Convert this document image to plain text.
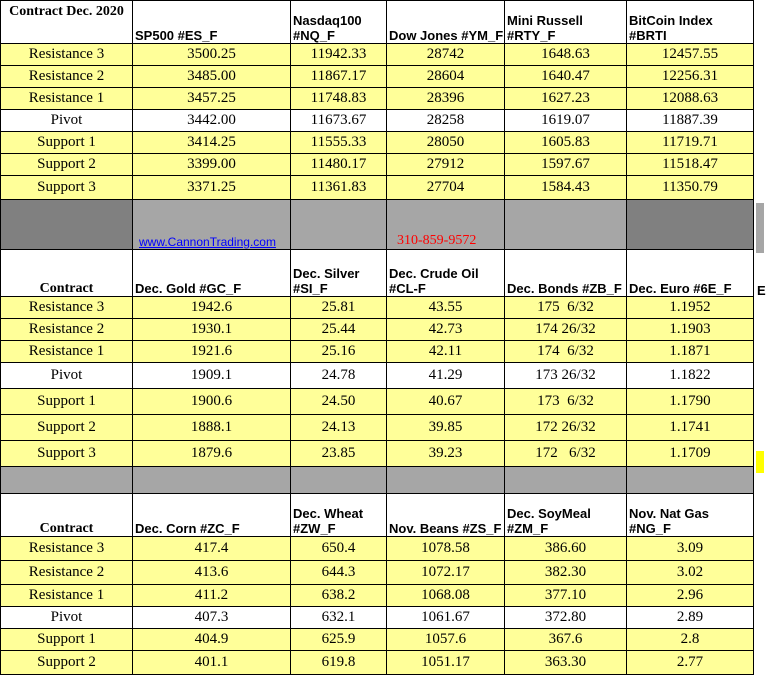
Contract Dec. 2020	SP500 #ES_F	Nasdaq100 #NQ_F	Dow Jones #YM_F	Mini Russell #RTY_F	BitCoin Index #BRTI
Resistance 3	3500.25	11942.33	28742	1648.63	12457.55
Resistance 2	3485.00	11867.17	28604	1640.47	12256.31
Resistance 1	3457.25	11748.83	28396	1627.23	12088.63
Pivot	3442.00	11673.67	28258	1619.07	11887.39
Support 1	3414.25	11555.33	28050	1605.83	11719.71
Support 2	3399.00	11480.17	27912	1597.67	11518.47
Support 3	3371.25	11361.83	27704	1584.43	11350.79
	www.CannonTrading.com		310-859-9572		
Contract	Dec. Gold #GC_F	Dec. Silver #SI_F	Dec. Crude Oil #CL-F	Dec. Bonds #ZB_F	Dec. Euro #6E_F
Resistance 3	1942.6	25.81	43.55	175  6/32	1.1952
Resistance 2	1930.1	25.44	42.73	174 26/32	1.1903
Resistance 1	1921.6	25.16	42.11	174  6/32	1.1871
Pivot	1909.1	24.78	41.29	173 26/32	1.1822
Support 1	1900.6	24.50	40.67	173  6/32	1.1790
Support 2	1888.1	24.13	39.85	172 26/32	1.1741
Support 3	1879.6	23.85	39.23	172   6/32	1.1709

Contract	Dec. Corn #ZC_F	Dec. Wheat #ZW_F	Nov. Beans #ZS_F	Dec. SoyMeal #ZM_F	Nov. Nat Gas #NG_F
Resistance 3	417.4	650.4	1078.58	386.60	3.09
Resistance 2	413.6	644.3	1072.17	382.30	3.02
Resistance 1	411.2	638.2	1068.08	377.10	2.96
Pivot	407.3	632.1	1061.67	372.80	2.89
Support 1	404.9	625.9	1057.6	367.6	2.8
Support 2	401.1	619.8	1051.17	363.30	2.77
E
